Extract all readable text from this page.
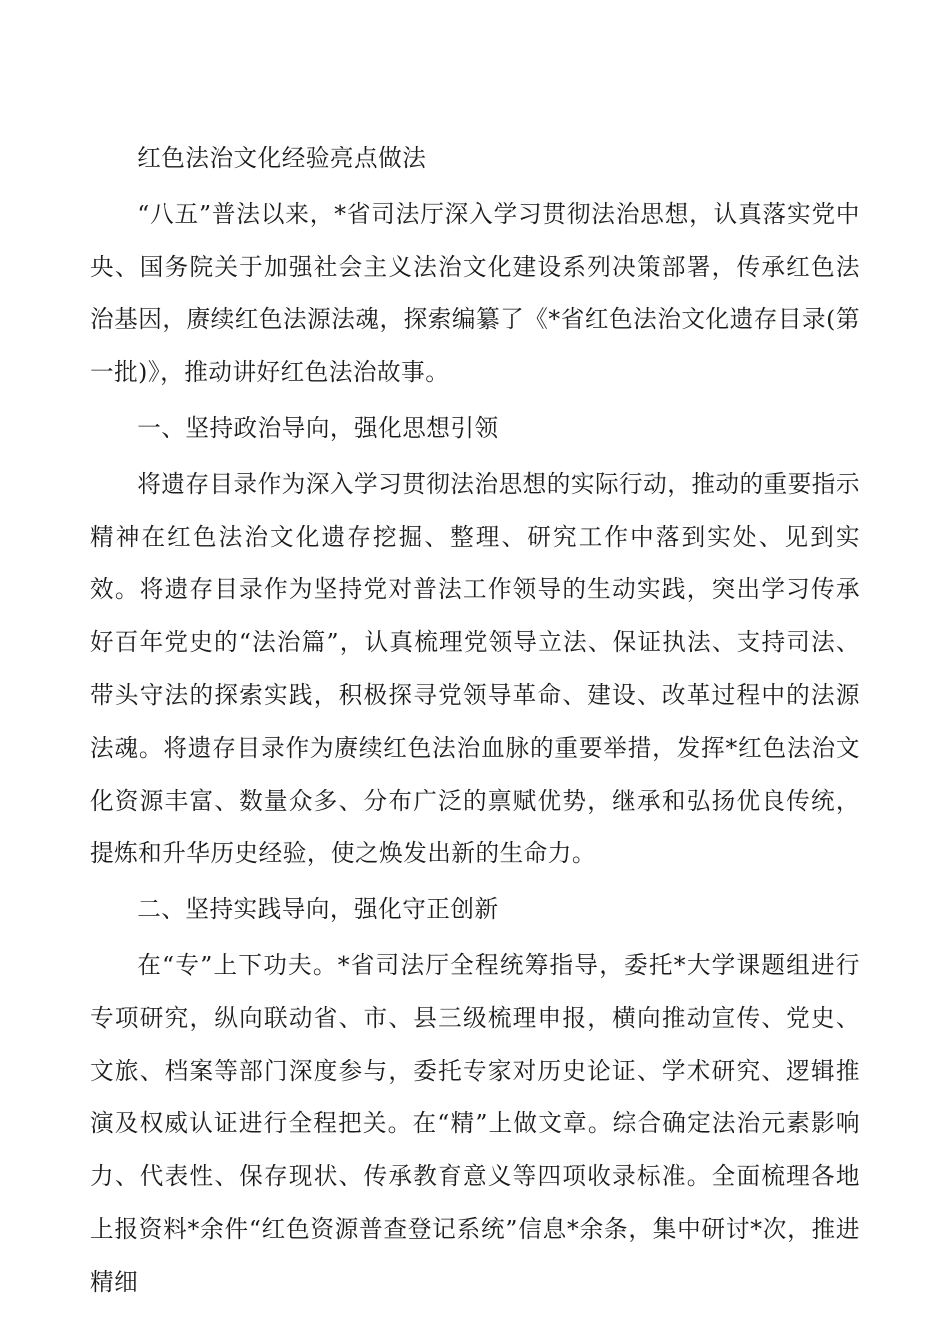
红色法治文化经验亮点做法

“八五”普法以来，*省司法厅深入学习贯彻法治思想，认真落实党中央、国务院关于加强社会主义法治文化建设系列决策部署，传承红色法治基因，赓续红色法源法魂，探索编纂了《*省红色法治文化遗存目录(第一批)》，推动讲好红色法治故事。

一、坚持政治导向，强化思想引领

将遗存目录作为深入学习贯彻法治思想的实际行动，推动的重要指示精神在红色法治文化遗存挖掘、整理、研究工作中落到实处、见到实效。将遗存目录作为坚持党对普法工作领导的生动实践，突出学习传承好百年党史的“法治篇”，认真梳理党领导立法、保证执法、支持司法、带头守法的探索实践，积极探寻党领导革命、建设、改革过程中的法源法魂。将遗存目录作为赓续红色法治血脉的重要举措，发挥*红色法治文化资源丰富、数量众多、分布广泛的禀赋优势，继承和弘扬优良传统，提炼和升华历史经验，使之焕发出新的生命力。

二、坚持实践导向，强化守正创新

在“专”上下功夫。*省司法厅全程统筹指导，委托*大学课题组进行专项研究，纵向联动省、市、县三级梳理申报，横向推动宣传、党史、文旅、档案等部门深度参与，委托专家对历史论证、学术研究、逻辑推演及权威认证进行全程把关。在“精”上做文章。综合确定法治元素影响力、代表性、保存现状、传承教育意义等四项收录标准。全面梳理各地上报资料*余件“红色资源普查登记系统”信息*余条，集中研讨*次，推进精细
